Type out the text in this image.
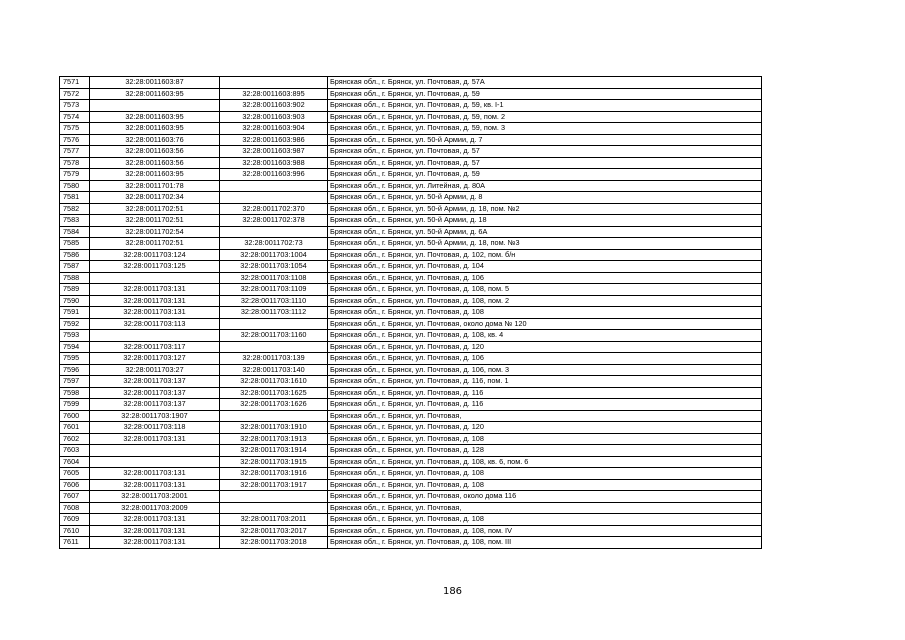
7571	32:28:0011603:87		Брянская обл., г. Брянск, ул. Почтовая, д. 57А
7572	32:28:0011603:95	32:28:0011603:895	Брянская обл., г. Брянск, ул. Почтовая, д. 59
7573		32:28:0011603:902	Брянская обл., г. Брянск, ул. Почтовая, д. 59, кв. I-1
7574	32:28:0011603:95	32:28:0011603:903	Брянская обл., г. Брянск, ул. Почтовая, д. 59, пом. 2
7575	32:28:0011603:95	32:28:0011603:904	Брянская обл., г. Брянск, ул. Почтовая, д. 59, пом. 3
7576	32:28:0011603:76	32:28:0011603:986	Брянская обл., г. Брянск, ул. 50-й Армии, д. 7
7577	32:28:0011603:56	32:28:0011603:987	Брянская обл., г. Брянск, ул. Почтовая, д. 57
7578	32:28:0011603:56	32:28:0011603:988	Брянская обл., г. Брянск, ул. Почтовая, д. 57
7579	32:28:0011603:95	32:28:0011603:996	Брянская обл., г. Брянск, ул. Почтовая, д. 59
7580	32:28:0011701:78		Брянская обл., г. Брянск, ул. Литейная, д. 80А
7581	32:28:0011702:34		Брянская обл., г. Брянск, ул. 50-й Армии, д. 8
7582	32:28:0011702:51	32:28:0011702:370	Брянская обл., г. Брянск, ул. 50-й Армии, д. 18, пом. №2
7583	32:28:0011702:51	32:28:0011702:378	Брянская обл., г. Брянск, ул. 50-й Армии, д. 18
7584	32:28:0011702:54		Брянская обл., г. Брянск, ул. 50-й Армии, д. 6А
7585	32:28:0011702:51	32:28:0011702:73	Брянская обл., г. Брянск, ул. 50-й Армии, д. 18, пом. №3
7586	32:28:0011703:124	32:28:0011703:1004	Брянская обл., г. Брянск, ул. Почтовая, д. 102, пом. б/н
7587	32:28:0011703:125	32:28:0011703:1054	Брянская обл., г. Брянск, ул. Почтовая, д. 104
7588		32:28:0011703:1108	Брянская обл., г. Брянск, ул. Почтовая, д. 106
7589	32:28:0011703:131	32:28:0011703:1109	Брянская обл., г. Брянск, ул. Почтовая, д. 108, пом. 5
7590	32:28:0011703:131	32:28:0011703:1110	Брянская обл., г. Брянск, ул. Почтовая, д. 108, пом. 2
7591	32:28:0011703:131	32:28:0011703:1112	Брянская обл., г. Брянск, ул. Почтовая, д. 108
7592	32:28:0011703:113		Брянская обл., г. Брянск, ул. Почтовая, около дома № 120
7593		32:28:0011703:1160	Брянская обл., г. Брянск, ул. Почтовая, д. 108, кв. 4
7594	32:28:0011703:117		Брянская обл., г. Брянск, ул. Почтовая, д. 120
7595	32:28:0011703:127	32:28:0011703:139	Брянская обл., г. Брянск, ул. Почтовая, д. 106
7596	32:28:0011703:27	32:28:0011703:140	Брянская обл., г. Брянск, ул. Почтовая, д. 106, пом. 3
7597	32:28:0011703:137	32:28:0011703:1610	Брянская обл., г. Брянск, ул. Почтовая, д. 116, пом. 1
7598	32:28:0011703:137	32:28:0011703:1625	Брянская обл., г. Брянск, ул. Почтовая, д. 116
7599	32:28:0011703:137	32:28:0011703:1626	Брянская обл., г. Брянск, ул. Почтовая, д. 116
7600	32:28:0011703:1907		Брянская обл., г. Брянск, ул. Почтовая,
7601	32:28:0011703:118	32:28:0011703:1910	Брянская обл., г. Брянск, ул. Почтовая, д. 120
7602	32:28:0011703:131	32:28:0011703:1913	Брянская обл., г. Брянск, ул. Почтовая, д. 108
7603		32:28:0011703:1914	Брянская обл., г. Брянск, ул. Почтовая, д. 128
7604		32:28:0011703:1915	Брянская обл., г. Брянск, ул. Почтовая, д. 108, кв. 6, пом. 6
7605	32:28:0011703:131	32:28:0011703:1916	Брянская обл., г. Брянск, ул. Почтовая, д. 108
7606	32:28:0011703:131	32:28:0011703:1917	Брянская обл., г. Брянск, ул. Почтовая, д. 108
7607	32:28:0011703:2001		Брянская обл., г. Брянск, ул. Почтовая, около дома 116
7608	32:28:0011703:2009		Брянская обл., г. Брянск, ул. Почтовая,
7609	32:28:0011703:131	32:28:0011703:2011	Брянская обл., г. Брянск, ул. Почтовая, д. 108
7610	32:28:0011703:131	32:28:0011703:2017	Брянская обл., г. Брянск, ул. Почтовая, д. 108, пом. IV
7611	32:28:0011703:131	32:28:0011703:2018	Брянская обл., г. Брянск, ул. Почтовая, д. 108, пом. III
186
